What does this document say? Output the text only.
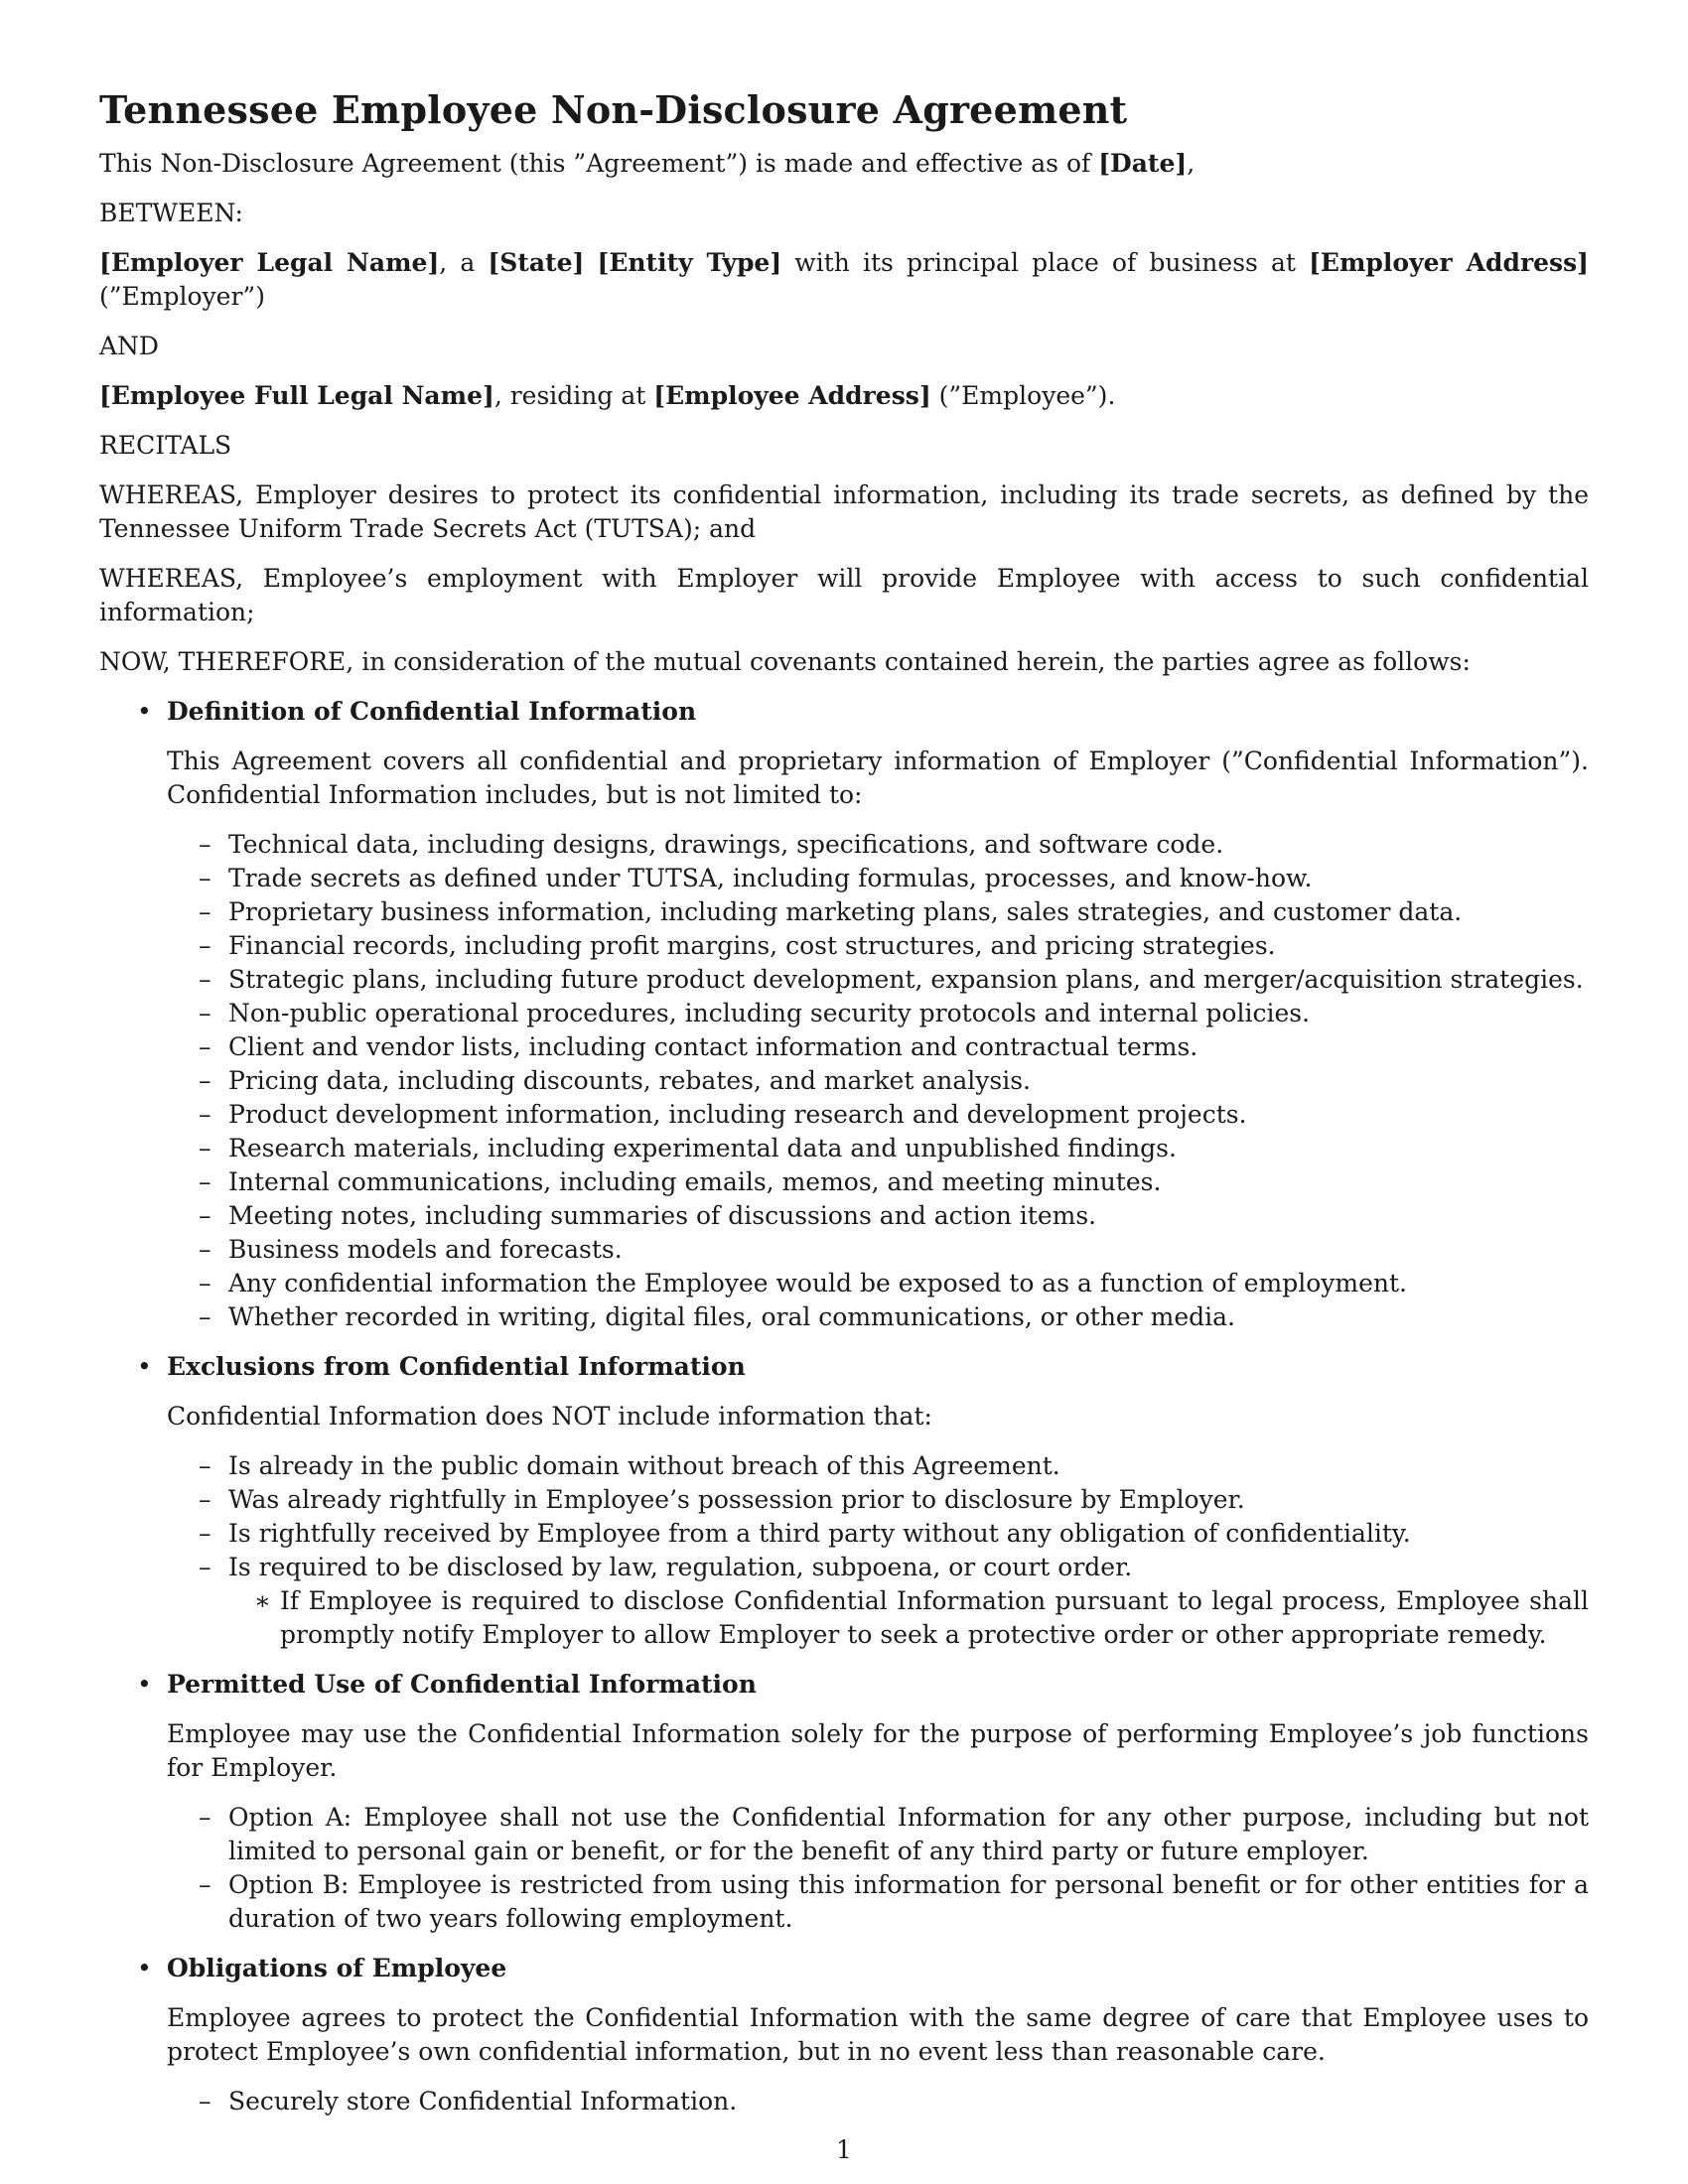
Tennessee Employee Non-Disclosure Agreement

This Non-Disclosure Agreement (this ”Agreement”) is made and effective as of [Date],

BETWEEN:

[Employer Legal Name], a [State] [Entity Type] with its principal place of business at [Employer Address] (”Employer”)

AND

[Employee Full Legal Name], residing at [Employee Address] (”Employee”).

RECITALS

WHEREAS, Employer desires to protect its confidential information, including its trade secrets, as defined by the Tennessee Uniform Trade Secrets Act (TUTSA); and

WHEREAS, Employee’s employment with Employer will provide Employee with access to such confidential information;

NOW, THEREFORE, in consideration of the mutual covenants contained herein, the parties agree as follows:

• Definition of Confidential Information
This Agreement covers all confidential and proprietary information of Employer (”Confidential Information”). Confidential Information includes, but is not limited to:
– Technical data, including designs, drawings, specifications, and software code.
– Trade secrets as defined under TUTSA, including formulas, processes, and know-how.
– Proprietary business information, including marketing plans, sales strategies, and customer data.
– Financial records, including profit margins, cost structures, and pricing strategies.
– Strategic plans, including future product development, expansion plans, and merger/acquisition strategies.
– Non-public operational procedures, including security protocols and internal policies.
– Client and vendor lists, including contact information and contractual terms.
– Pricing data, including discounts, rebates, and market analysis.
– Product development information, including research and development projects.
– Research materials, including experimental data and unpublished findings.
– Internal communications, including emails, memos, and meeting minutes.
– Meeting notes, including summaries of discussions and action items.
– Business models and forecasts.
– Any confidential information the Employee would be exposed to as a function of employment.
– Whether recorded in writing, digital files, oral communications, or other media.
• Exclusions from Confidential Information
Confidential Information does NOT include information that:
– Is already in the public domain without breach of this Agreement.
– Was already rightfully in Employee’s possession prior to disclosure by Employer.
– Is rightfully received by Employee from a third party without any obligation of confidentiality.
– Is required to be disclosed by law, regulation, subpoena, or court order.
∗ If Employee is required to disclose Confidential Information pursuant to legal process, Employee shall promptly notify Employer to allow Employer to seek a protective order or other appropriate remedy.
• Permitted Use of Confidential Information
Employee may use the Confidential Information solely for the purpose of performing Employee’s job functions for Employer.
– Option A: Employee shall not use the Confidential Information for any other purpose, including but not limited to personal gain or benefit, or for the benefit of any third party or future employer.
– Option B: Employee is restricted from using this information for personal benefit or for other entities for a duration of two years following employment.
• Obligations of Employee
Employee agrees to protect the Confidential Information with the same degree of care that Employee uses to protect Employee’s own confidential information, but in no event less than reasonable care.
– Securely store Confidential Information.
1
